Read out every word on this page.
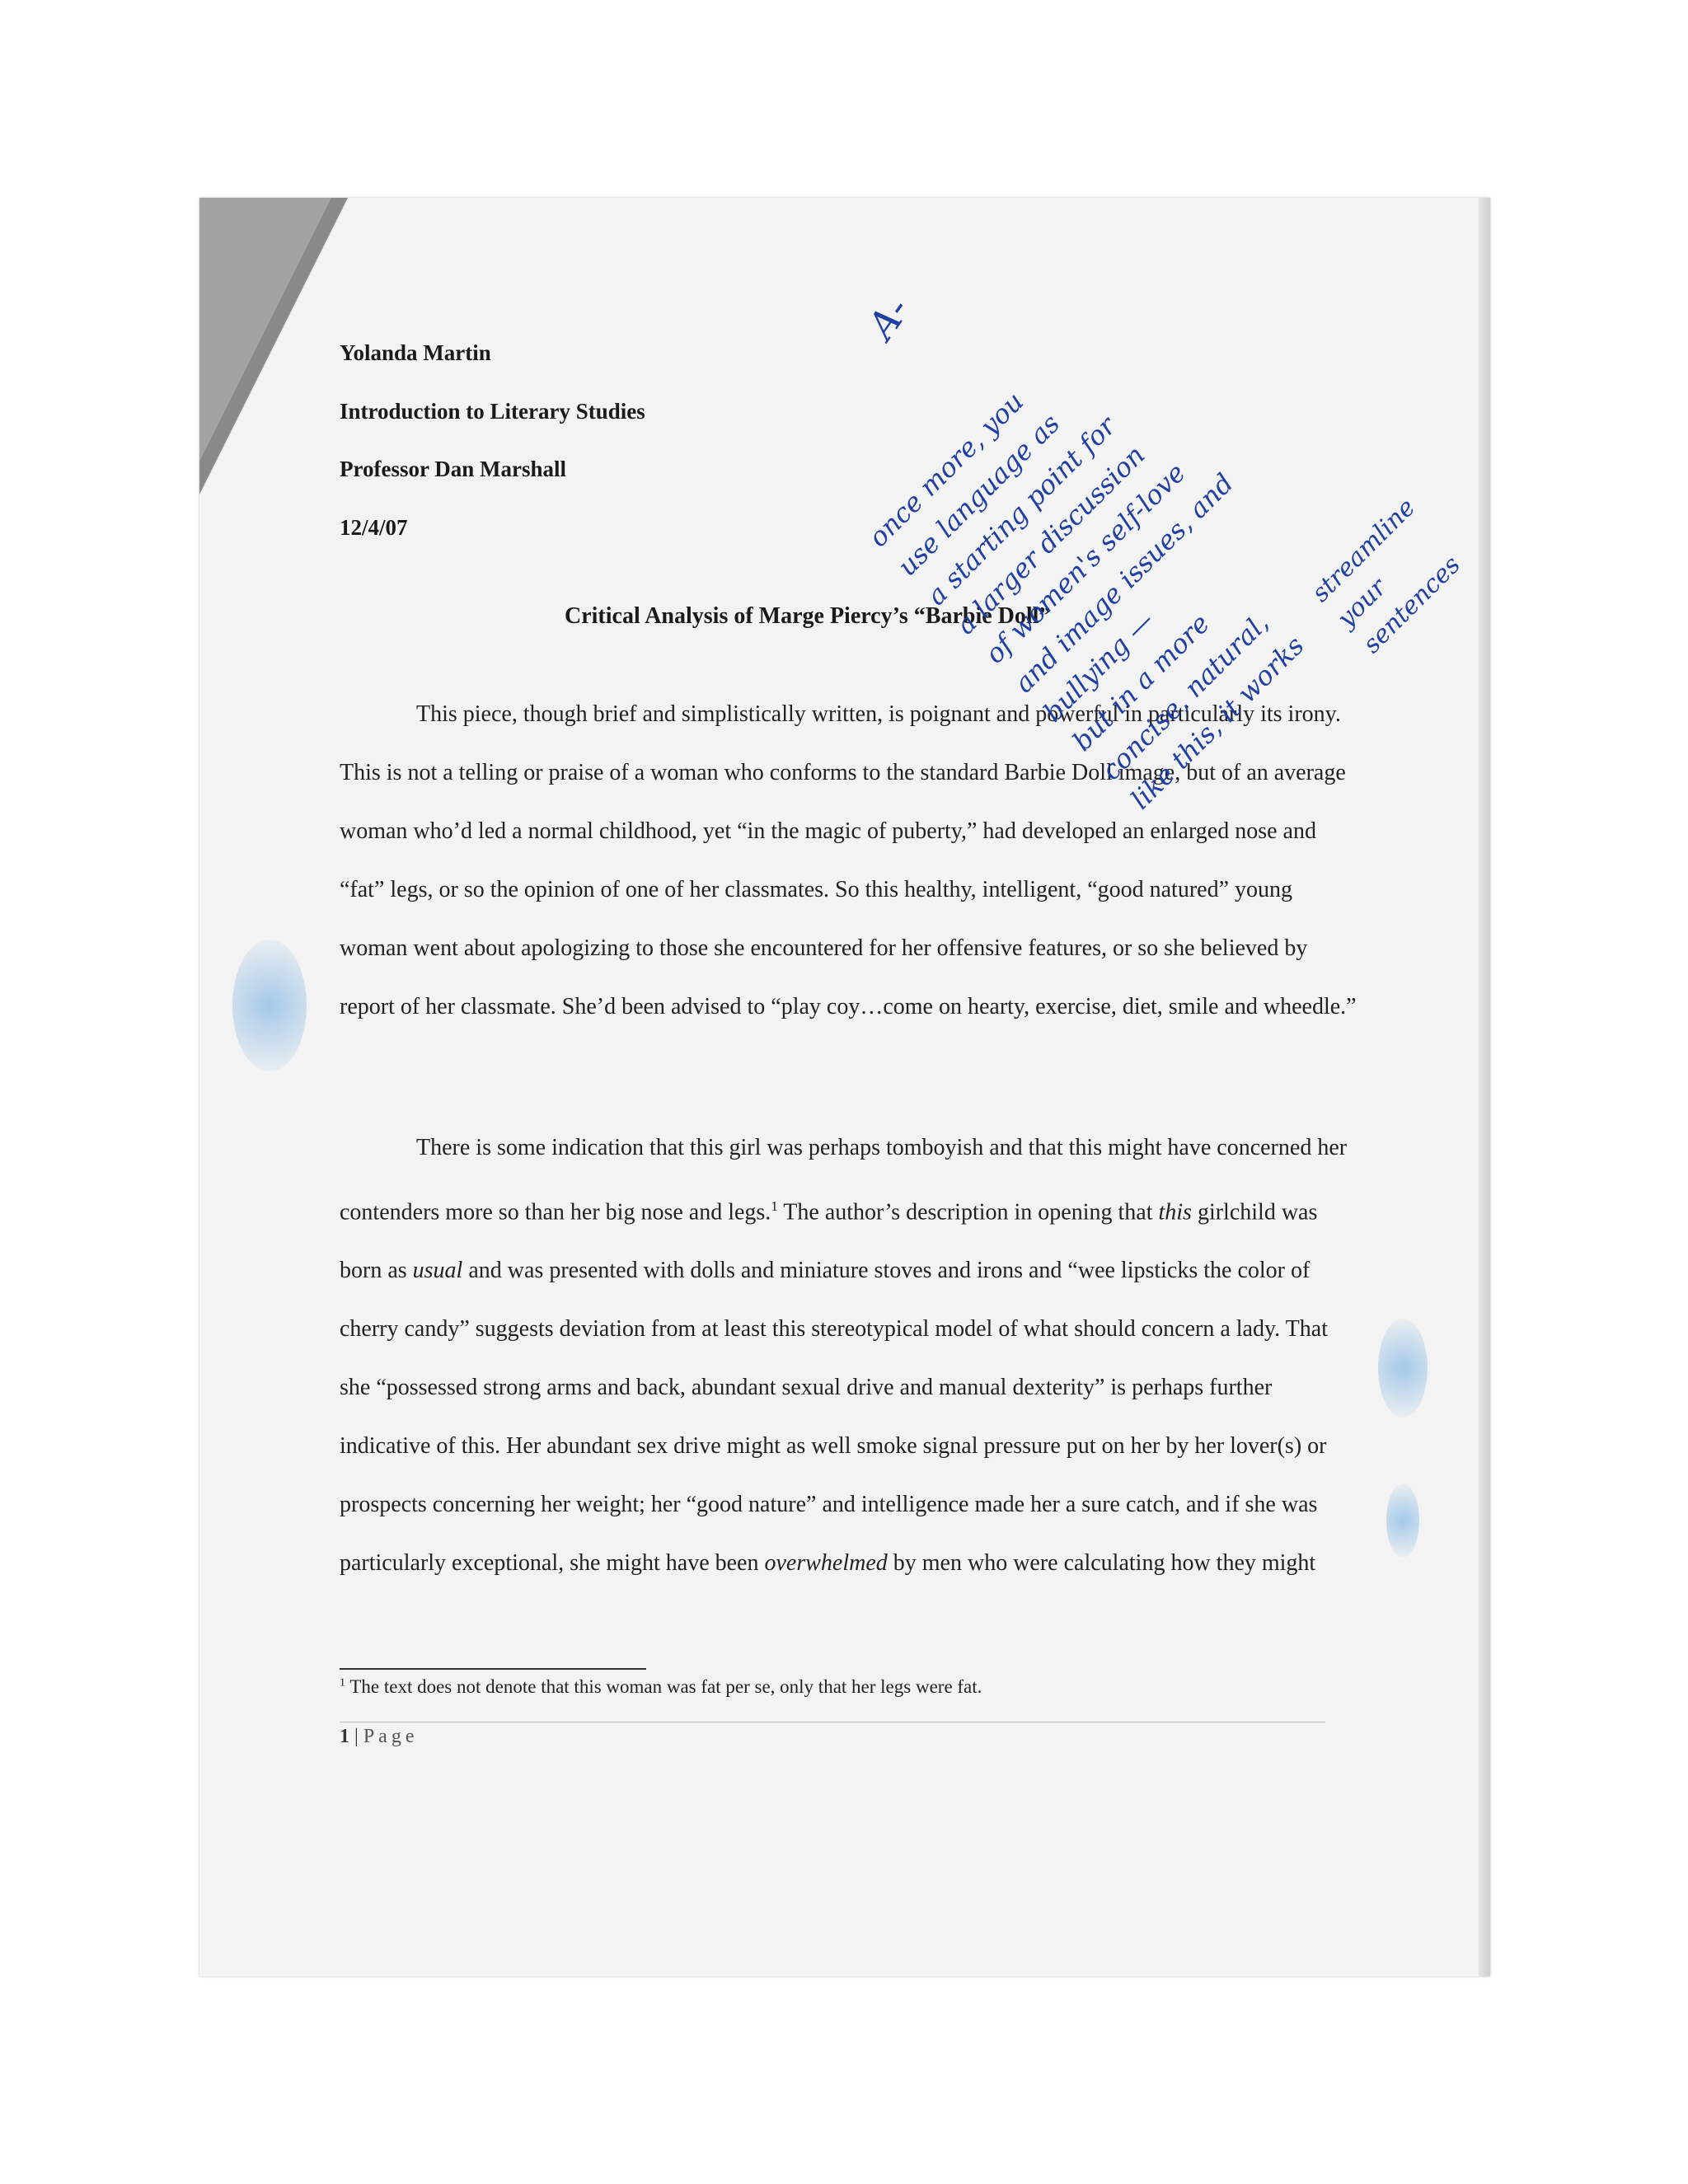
Yolanda Martin
Introduction to Literary Studies
Professor Dan Marshall
12/4/07
Critical Analysis of Marge Piercy’s “Barbie Doll”

This piece, though brief and simplistically written, is poignant and powerful in particularly its irony. This is not a telling or praise of a woman who conforms to the standard Barbie Doll image, but of an average woman who’d led a normal childhood, yet “in the magic of puberty,” had developed an enlarged nose and “fat” legs, or so the opinion of one of her classmates. So this healthy, intelligent, “good natured” young woman went about apologizing to those she encountered for her offensive features, or so she believed by report of her classmate. She’d been advised to “play coy…come on hearty, exercise, diet, smile and wheedle.”

There is some indication that this girl was perhaps tomboyish and that this might have concerned her contenders more so than her big nose and legs.$^1$ The author’s description in opening that this girlchild was born as usual and was presented with dolls and miniature stoves and irons and “wee lipsticks the color of cherry candy” suggests deviation from at least this stereotypical model of what should concern a lady. That she “possessed strong arms and back, abundant sexual drive and manual dexterity” is perhaps further indicative of this. Her abundant sex drive might as well smoke signal pressure put on her by her lover(s) or prospects concerning her weight; her “good nature” and intelligence made her a sure catch, and if she was particularly exceptional, she might have been overwhelmed by men who were calculating how they might

$^1$ The text does not denote that this woman was fat per se, only that her legs were fat.
1 | Page
A-
once more, you
use language as
a starting point for
a larger discussion
of women's self-love
and image issues, and
bullying —
but in a more
concise, natural,
like this, it works
streamline
your
sentences
